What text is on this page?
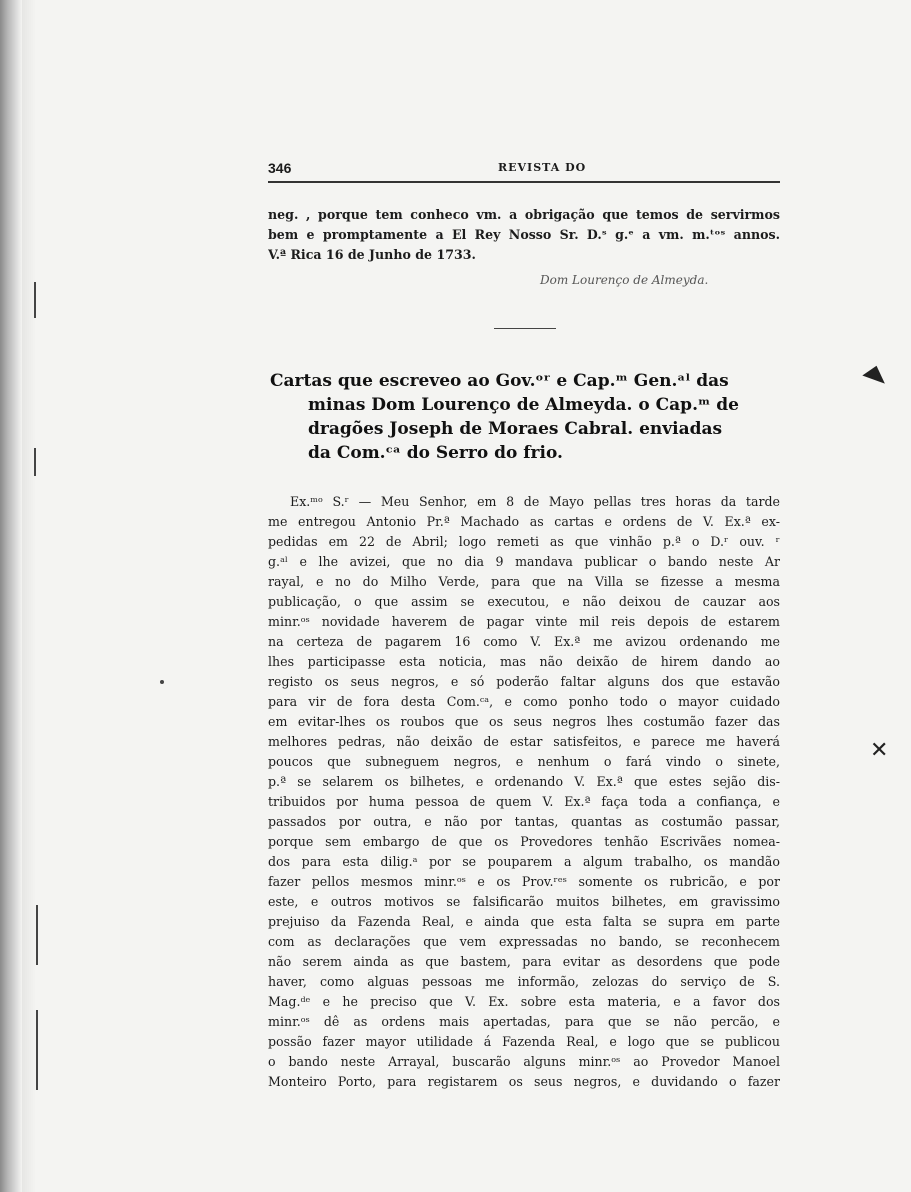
346	REVISTA DO
neg. , porque tem conheco vm. a obrigação que temos de servirmos
bem e promptamente a El Rey Nosso Sr. D.ˢ g.ᵉ a vm. m.ᵗᵒˢ annos.
V.ª Rica 16 de Junho de 1733.
Dom Lourenço de Almeyda.
Cartas que escreveo ao Gov.ᵒʳ e Cap.ᵐ Gen.ᵃˡ das
minas Dom Lourenço de Almeyda. o Cap.ᵐ de
dragões Joseph de Moraes Cabral. enviadas
da Com.ᶜᵃ do Serro do frio.
✕
Ex.ᵐᵒ S.ʳ — Meu Senhor, em 8 de Mayo pellas tres horas da tarde
me entregou Antonio Pr.ª Machado as cartas e ordens de V. Ex.ª ex-
pedidas em 22 de Abril; logo remeti as que vinhão p.ª o D.ʳ ouv. ʳ
g.ᵃˡ e lhe avizei, que no dia 9 mandava publicar o bando neste Ar
rayal, e no do Milho Verde, para que na Villa se fizesse a mesma
publicação, o que assim se executou, e não deixou de cauzar aos
minr.ᵒˢ novidade haverem de pagar vinte mil reis depois de estarem
na certeza de pagarem 16 como V. Ex.ª me avizou ordenando me
lhes participasse esta noticia, mas não deixão de hirem dando ao
registo os seus negros, e só poderão faltar alguns dos que estavão
para vir de fora desta Com.ᶜᵃ, e como ponho todo o mayor cuidado
em evitar-lhes os roubos que os seus negros lhes costumão fazer das
melhores pedras, não deixão de estar satisfeitos, e parece me haverá
poucos que subneguem negros, e nenhum o fará vindo o sinete,
p.ª se selarem os bilhetes, e ordenando V. Ex.ª que estes sejão dis-
tribuidos por huma pessoa de quem V. Ex.ª faça toda a confiança, e
passados por outra, e não por tantas, quantas as costumão passar,
porque sem embargo de que os Provedores tenhão Escrivães nomea-
dos para esta dilig.ᵃ por se pouparem a algum trabalho, os mandão
fazer pellos mesmos minr.ᵒˢ e os Prov.ʳᵉˢ somente os rubricão, e por
este, e outros motivos se falsificarão muitos bilhetes, em gravissimo
prejuiso da Fazenda Real, e ainda que esta falta se supra em parte
com as declarações que vem expressadas no bando, se reconhecem
não serem ainda as que bastem, para evitar as desordens que pode
haver, como alguas pessoas me informão, zelozas do serviço de S.
Mag.ᵈᵉ e he preciso que V. Ex. sobre esta materia, e a favor dos
minr.ᵒˢ dê as ordens mais apertadas, para que se não percão, e
possão fazer mayor utilidade á Fazenda Real, e logo que se publicou
o bando neste Arrayal, buscarão alguns minr.ᵒˢ ao Provedor Manoel
Monteiro Porto, para registarem os seus negros, e duvidando o fazer
